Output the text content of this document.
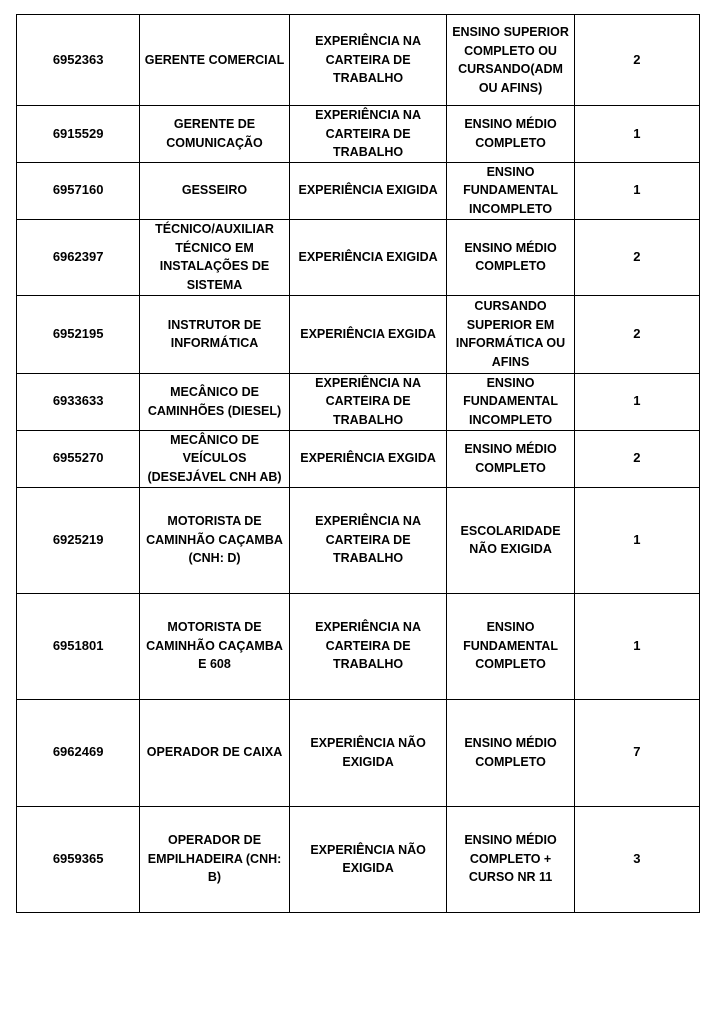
6952363	GERENTE COMERCIAL	EXPERIÊNCIA NA CARTEIRA DE TRABALHO	ENSINO SUPERIOR COMPLETO OU CURSANDO(ADM OU AFINS)	2
6915529	GERENTE DE COMUNICAÇÃO	EXPERIÊNCIA NA CARTEIRA DE TRABALHO	ENSINO MÉDIO COMPLETO	1
6957160	GESSEIRO	EXPERIÊNCIA EXIGIDA	ENSINO FUNDAMENTAL INCOMPLETO	1
6962397	TÉCNICO/AUXILIAR TÉCNICO EM INSTALAÇÕES DE SISTEMA	EXPERIÊNCIA EXIGIDA	ENSINO MÉDIO COMPLETO	2
6952195	INSTRUTOR DE INFORMÁTICA	EXPERIÊNCIA EXGIDA	CURSANDO SUPERIOR EM INFORMÁTICA OU AFINS	2
6933633	MECÂNICO DE CAMINHÕES (DIESEL)	EXPERIÊNCIA NA CARTEIRA DE TRABALHO	ENSINO FUNDAMENTAL INCOMPLETO	1
6955270	MECÂNICO DE VEÍCULOS (DESEJÁVEL CNH AB)	EXPERIÊNCIA EXGIDA	ENSINO MÉDIO COMPLETO	2
6925219	MOTORISTA DE CAMINHÃO CAÇAMBA (CNH: D)	EXPERIÊNCIA NA CARTEIRA DE TRABALHO	ESCOLARIDADE NÃO EXIGIDA	1
6951801	MOTORISTA DE CAMINHÃO CAÇAMBA E 608	EXPERIÊNCIA NA CARTEIRA DE TRABALHO	ENSINO FUNDAMENTAL COMPLETO	1
6962469	OPERADOR DE CAIXA	EXPERIÊNCIA NÃO EXIGIDA	ENSINO MÉDIO COMPLETO	7
6959365	OPERADOR DE EMPILHADEIRA (CNH: B)	EXPERIÊNCIA NÃO EXIGIDA	ENSINO MÉDIO COMPLETO + CURSO NR 11	3
